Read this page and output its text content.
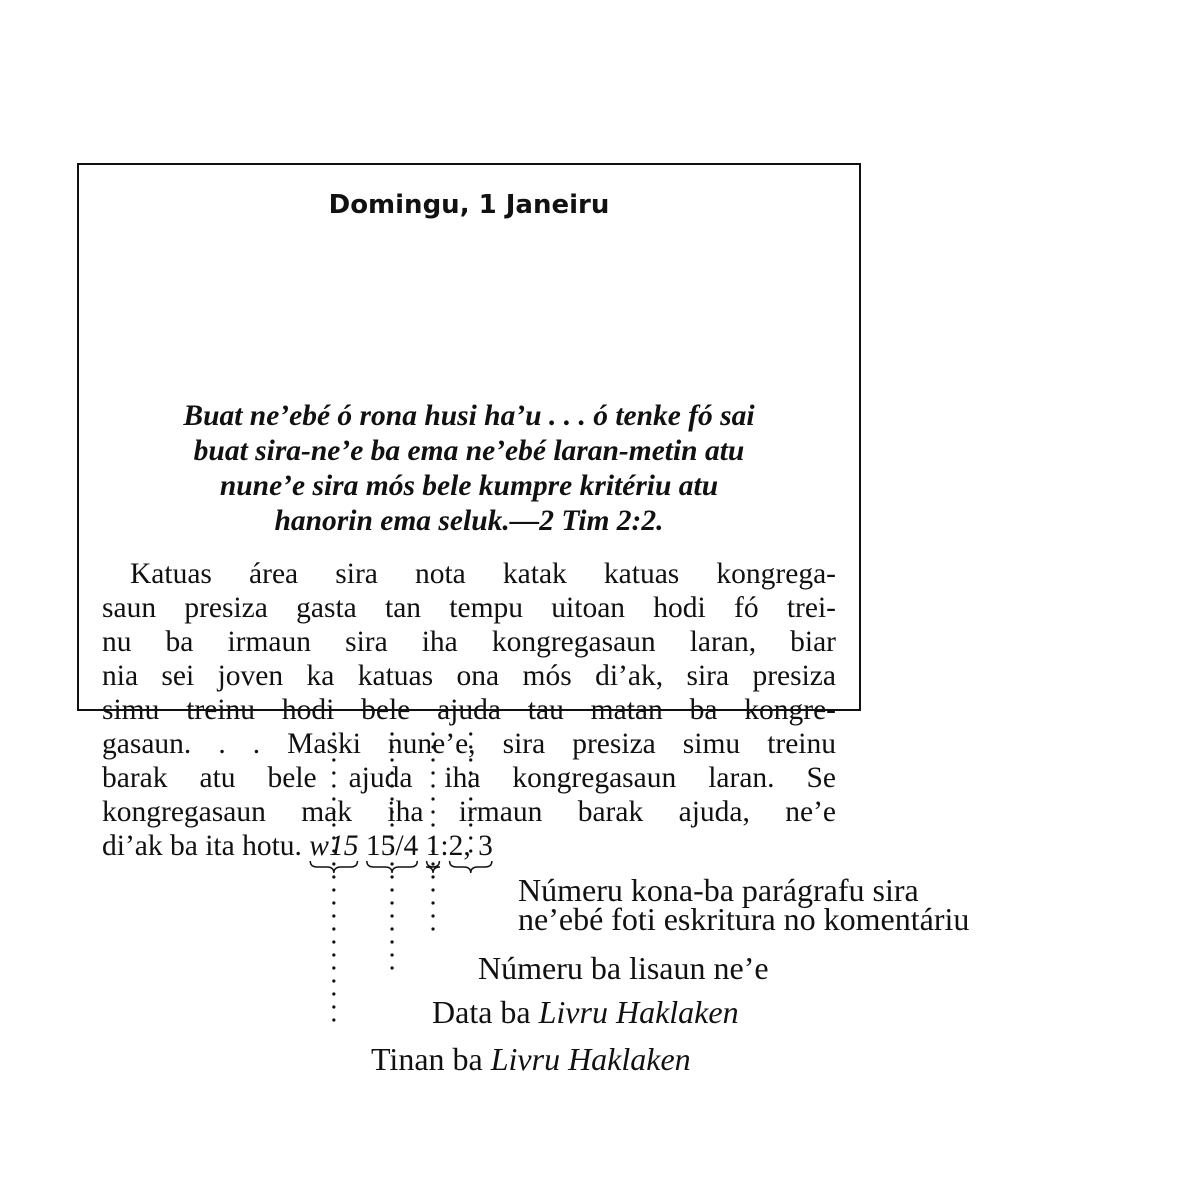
Domingu, 1 Janeiru

Buat ne’ebé ó rona husi ha’u . . . ó tenke fó sai

buat sira-ne’e ba ema ne’ebé laran-metin atu

nune’e sira mós bele kumpre kritériu atu

hanorin ema seluk.—2 Tim 2:2.

Katuas área sira nota katak katuas kongrega-

saun presiza gasta tan tempu uitoan hodi fó trei-

nu ba irmaun sira iha kongregasaun laran, biar

nia sei joven ka katuas ona mós di’ak, sira presiza

simu treinu hodi bele ajuda tau matan ba kongre-

gasaun. . . Maski nune’e, sira presiza simu treinu

barak atu bele ajuda iha kongregasaun laran. Se

kongregasaun mak iha irmaun barak ajuda, ne’e

di’ak ba ita hotu. w15 15/4 1:2, 3

Númeru kona-ba parágrafu sira
ne’ebé foti eskritura no komentáriu
Númeru ba lisaun ne’e
Data ba Livru Haklaken
Tinan ba Livru Haklaken
